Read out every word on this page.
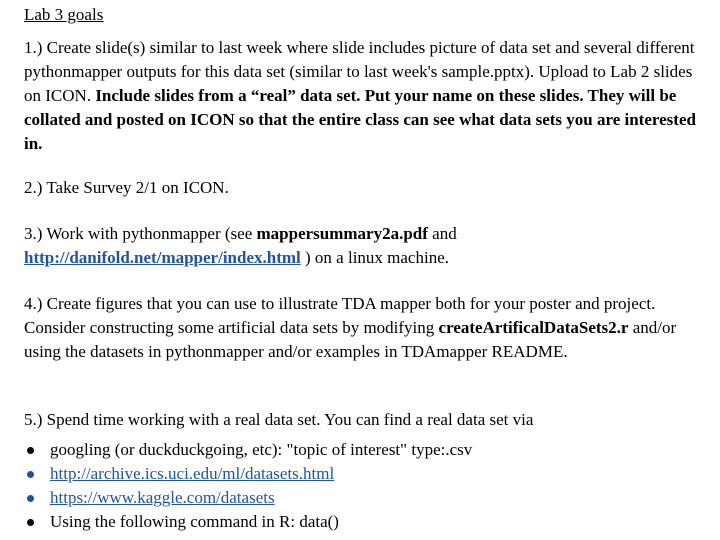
Lab 3 goals

1.) Create slide(s) similar to last week where slide includes picture of data set and several different pythonmapper outputs for this data set (similar to last week's sample.pptx). Upload to Lab 2 slides on ICON. Include slides from a “real” data set. Put your name on these slides. They will be collated and posted on ICON so that the entire class can see what data sets you are interested in.

2.) Take Survey 2/1 on ICON.

3.) Work with pythonmapper (see mappersummary2a.pdf and
http://danifold.net/mapper/index.html ) on a linux machine.

4.) Create figures that you can use to illustrate TDA mapper both for your poster and project. Consider constructing some artificial data sets by modifying createArtificalDataSets2.r and/or using the datasets in pythonmapper and/or examples in TDAmapper README.

5.) Spend time working with a real data set. You can find a real data set via

googling (or duckduckgoing, etc): "topic of interest" type:.csv
http://archive.ics.uci.edu/ml/datasets.html
https://www.kaggle.com/datasets
Using the following command in R: data()
